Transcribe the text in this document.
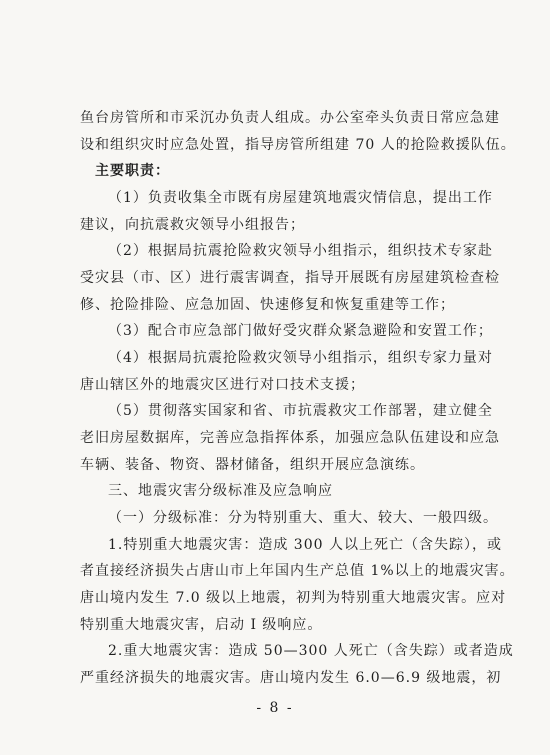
主要职责：
鱼台房管所和市采沉办负责人组成。办公室牵头负责日常应急建
设和组织灾时应急处置，指导房管所组建 70 人的抢险救援队伍。
（1）负责收集全市既有房屋建筑地震灾情信息，提出工作
建议，向抗震救灾领导小组报告；
（2）根据局抗震抢险救灾领导小组指示，组织技术专家赴
受灾县（市、区）进行震害调查，指导开展既有房屋建筑检查检
修、抢险排险、应急加固、快速修复和恢复重建等工作；
（3）配合市应急部门做好受灾群众紧急避险和安置工作；
（4）根据局抗震抢险救灾领导小组指示，组织专家力量对
唐山辖区外的地震灾区进行对口技术支援；
（5）贯彻落实国家和省、市抗震救灾工作部署，建立健全
老旧房屋数据库，完善应急指挥体系，加强应急队伍建设和应急
车辆、装备、物资、器材储备，组织开展应急演练。
三、地震灾害分级标准及应急响应
（一）分级标准：分为特别重大、重大、较大、一般四级。
1.特别重大地震灾害：造成 300 人以上死亡（含失踪），或
者直接经济损失占唐山市上年国内生产总值 1%以上的地震灾害。
唐山境内发生 7.0 级以上地震，初判为特别重大地震灾害。应对
特别重大地震灾害，启动 I 级响应。
2.重大地震灾害：造成 50—300 人死亡（含失踪）或者造成
严重经济损失的地震灾害。唐山境内发生 6.0—6.9 级地震，初
- 8 -
